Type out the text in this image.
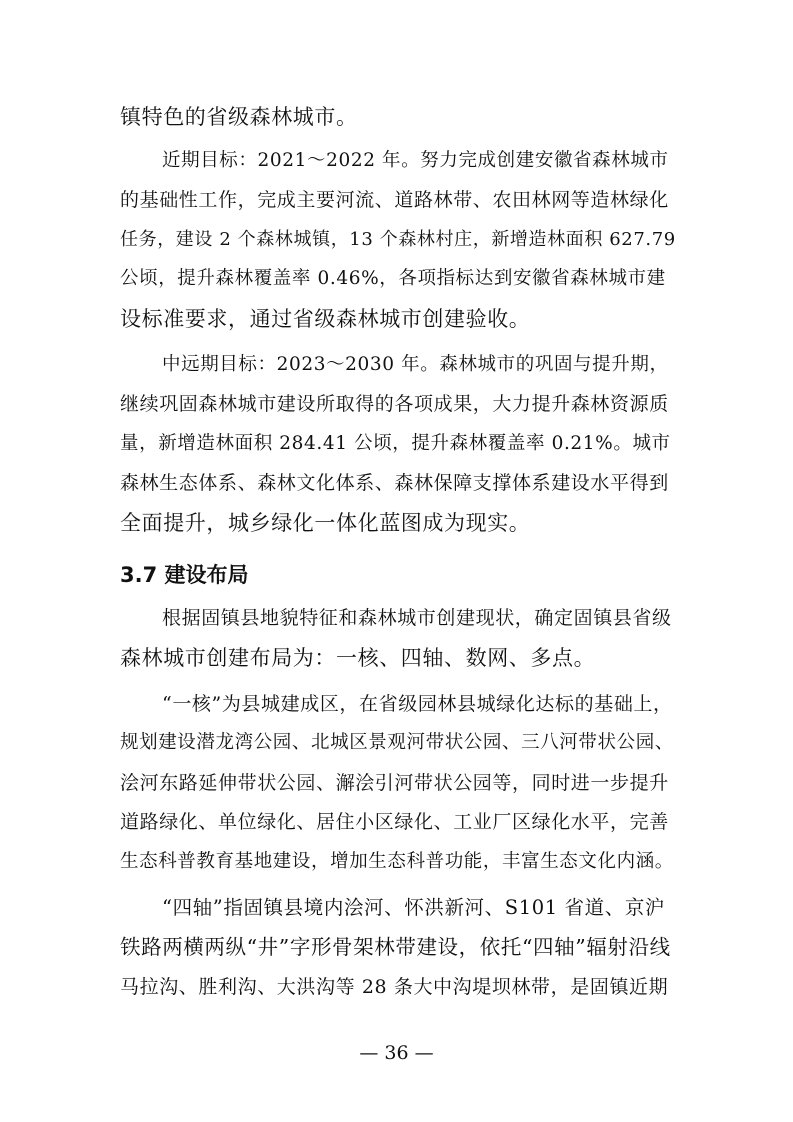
镇特色的省级森林城市。
近期目标：2021～2022 年。努力完成创建安徽省森林城市
的基础性工作，完成主要河流、道路林带、农田林网等造林绿化
任务，建设 2 个森林城镇，13 个森林村庄，新增造林面积 627.79
公顷，提升森林覆盖率 0.46%，各项指标达到安徽省森林城市建
设标准要求，通过省级森林城市创建验收。
中远期目标：2023～2030 年。森林城市的巩固与提升期，
继续巩固森林城市建设所取得的各项成果，大力提升森林资源质
量，新增造林面积 284.41 公顷，提升森林覆盖率 0.21%。城市
森林生态体系、森林文化体系、森林保障支撑体系建设水平得到
全面提升，城乡绿化一体化蓝图成为现实。
3.7 建设布局
根据固镇县地貌特征和森林城市创建现状，确定固镇县省级
森林城市创建布局为：一核、四轴、数网、多点。
“一核”为县城建成区，在省级园林县城绿化达标的基础上，
规划建设潜龙湾公园、北城区景观河带状公园、三八河带状公园、
浍河东路延伸带状公园、澥浍引河带状公园等，同时进一步提升
道路绿化、单位绿化、居住小区绿化、工业厂区绿化水平，完善
生态科普教育基地建设，增加生态科普功能，丰富生态文化内涵。
“四轴”指固镇县境内浍河、怀洪新河、S101 省道、京沪
铁路两横两纵“井”字形骨架林带建设，依托“四轴”辐射沿线
马拉沟、胜利沟、大洪沟等 28 条大中沟堤坝林带，是固镇近期
— 36 —
